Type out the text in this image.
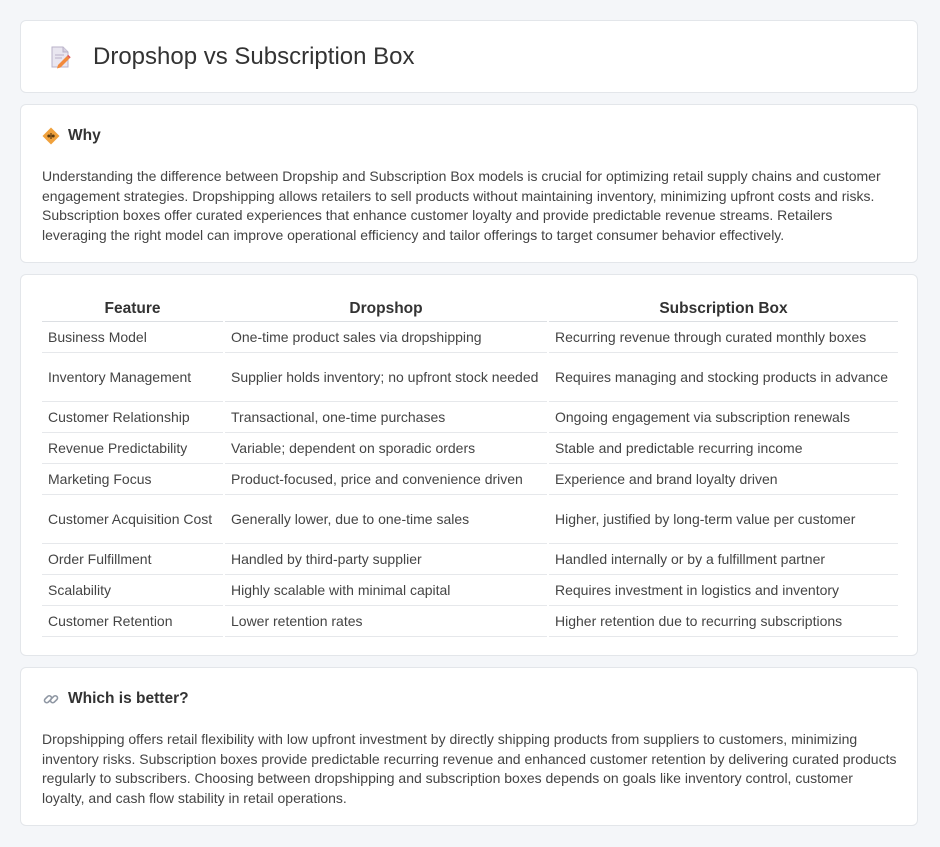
Dropshop vs Subscription Box
Why

Understanding the difference between Dropship and Subscription Box models is crucial for optimizing retail supply chains and customer engagement strategies. Dropshipping allows retailers to sell products without maintaining inventory, minimizing upfront costs and risks. Subscription boxes offer curated experiences that enhance customer loyalty and provide predictable revenue streams. Retailers leveraging the right model can improve operational efficiency and tailor offerings to target consumer behavior effectively.

Feature	Dropshop	Subscription Box
Business Model	One-time product sales via dropshipping	Recurring revenue through curated monthly boxes
Inventory Management	Supplier holds inventory; no upfront stock needed	Requires managing and stocking products in advance
Customer Relationship	Transactional, one-time purchases	Ongoing engagement via subscription renewals
Revenue Predictability	Variable; dependent on sporadic orders	Stable and predictable recurring income
Marketing Focus	Product-focused, price and convenience driven	Experience and brand loyalty driven
Customer Acquisition Cost	Generally lower, due to one-time sales	Higher, justified by long-term value per customer
Order Fulfillment	Handled by third-party supplier	Handled internally or by a fulfillment partner
Scalability	Highly scalable with minimal capital	Requires investment in logistics and inventory
Customer Retention	Lower retention rates	Higher retention due to recurring subscriptions
Which is better?

Dropshipping offers retail flexibility with low upfront investment by directly shipping products from suppliers to customers, minimizing inventory risks. Subscription boxes provide predictable recurring revenue and enhanced customer retention by delivering curated products regularly to subscribers. Choosing between dropshipping and subscription boxes depends on goals like inventory control, customer loyalty, and cash flow stability in retail operations.
